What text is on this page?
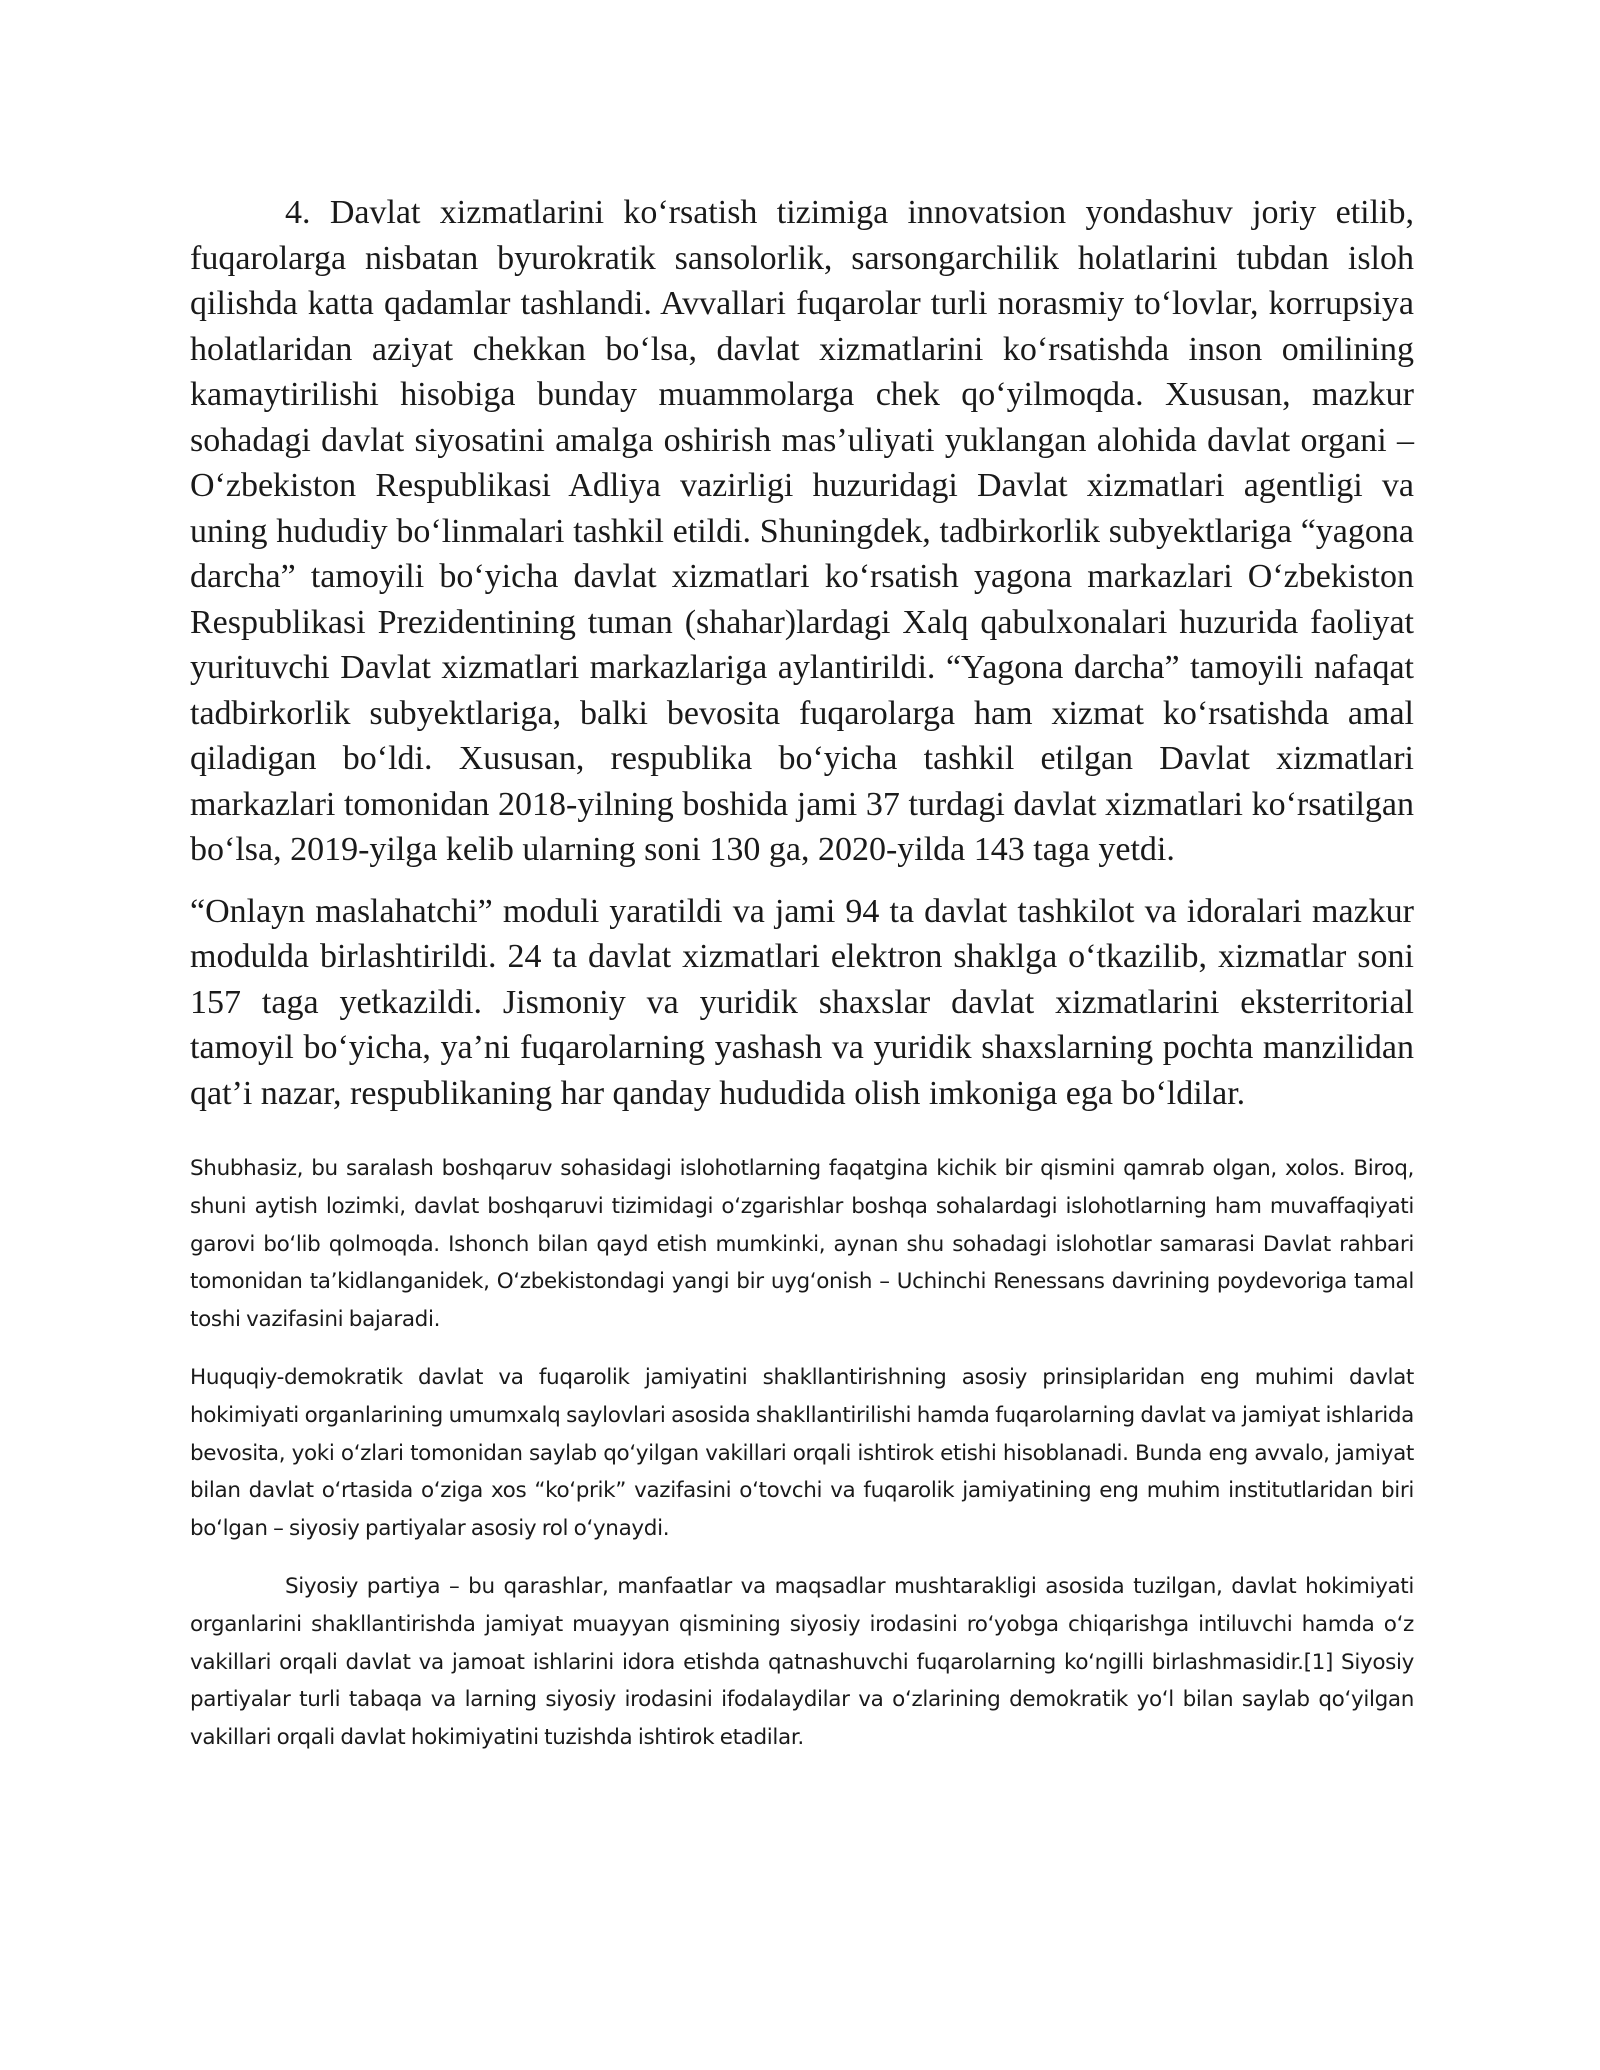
4. Davlat xizmatlarini koʻrsatish tizimiga innovatsion yondashuv joriy etilib, fuqarolarga nisbatan byurokratik sansolorlik, sarsongarchilik holatlarini tubdan isloh qilishda katta qadamlar tashlandi. Avvallari fuqarolar turli norasmiy toʻlovlar, korrupsiya holatlaridan aziyat chekkan boʻlsa, davlat xizmatlarini koʻrsatishda inson omilining kamaytirilishi hisobiga bunday muammolarga chek qoʻyilmoqda. Xususan, mazkur sohadagi davlat siyosatini amalga oshirish mas’uliyati yuklangan alohida davlat organi – Oʻzbekiston Respublikasi Adliya vazirligi huzuridagi Davlat xizmatlari agentligi va uning hududiy boʻlinmalari tashkil etildi. Shuningdek, tadbirkorlik subyektlariga “yagona darcha” tamoyili boʻyicha davlat xizmatlari koʻrsatish yagona markazlari Oʻzbekiston Respublikasi Prezidentining tuman (shahar)lardagi Xalq qabulxonalari huzurida faoliyat yurituvchi Davlat xizmatlari markazlariga aylantirildi. “Yagona darcha” tamoyili nafaqat tadbirkorlik subyektlariga, balki bevosita fuqarolarga ham xizmat koʻrsatishda amal qiladigan boʻldi. Xususan, respublika boʻyicha tashkil etilgan Davlat xizmatlari markazlari tomonidan 2018-yilning boshida jami 37 turdagi davlat xizmatlari koʻrsatilgan boʻlsa, 2019-yilga kelib ularning soni 130 ga, 2020-yilda 143 taga yetdi.

“Onlayn maslahatchi” moduli yaratildi va jami 94 ta davlat tashkilot va idoralari mazkur modulda birlashtirildi. 24 ta davlat xizmatlari elektron shaklga oʻtkazilib, xizmatlar soni 157 taga yetkazildi. Jismoniy va yuridik shaxslar davlat xizmatlarini eksterritorial tamoyil boʻyicha, ya’ni fuqarolarning yashash va yuridik shaxslarning pochta manzilidan qat’i nazar, respublikaning har qanday hududida olish imkoniga ega boʻldilar.

Shubhasiz, bu saralash boshqaruv sohasidagi islohotlarning faqatgina kichik bir qismini qamrab olgan, xolos. Biroq, shuni aytish lozimki, davlat boshqaruvi tizimidagi oʻzgarishlar boshqa sohalardagi islohotlarning ham muvaffaqiyati garovi boʻlib qolmoqda. Ishonch bilan qayd etish mumkinki, aynan shu sohadagi islohotlar samarasi Davlat rahbari tomonidan ta’kidlanganidek, Oʻzbekistondagi yangi bir uygʻonish – Uchinchi Renessans davrining poydevoriga tamal toshi vazifasini bajaradi.

Huquqiy-demokratik davlat va fuqarolik jamiyatini shakllantirishning asosiy prinsiplaridan eng muhimi davlat hokimiyati organlarining umumxalq saylovlari asosida shakllantirilishi hamda fuqarolarning davlat va jamiyat ishlarida bevosita, yoki oʻzlari tomonidan saylab qoʻyilgan vakillari orqali ishtirok etishi hisoblanadi. Bunda eng avvalo, jamiyat bilan davlat oʻrtasida oʻziga xos “koʻprik” vazifasini oʻtovchi va fuqarolik jamiyatining eng muhim institutlaridan biri boʻlgan – siyosiy partiyalar asosiy rol oʻynaydi.

Siyosiy partiya – bu qarashlar, manfaatlar va maqsadlar mushtarakligi asosida tuzilgan, davlat hokimiyati organlarini shakllantirishda jamiyat muayyan qismining siyosiy irodasini roʻyobga chiqarishga intiluvchi hamda oʻz vakillari orqali davlat va jamoat ishlarini idora etishda qatnashuvchi fuqarolarning koʻngilli birlashmasidir.[1] Siyosiy partiyalar turli tabaqa va larning siyosiy irodasini ifodalaydilar va oʻzlarining demokratik yoʻl bilan saylab qoʻyilgan vakillari orqali davlat hokimiyatini tuzishda ishtirok etadilar.
